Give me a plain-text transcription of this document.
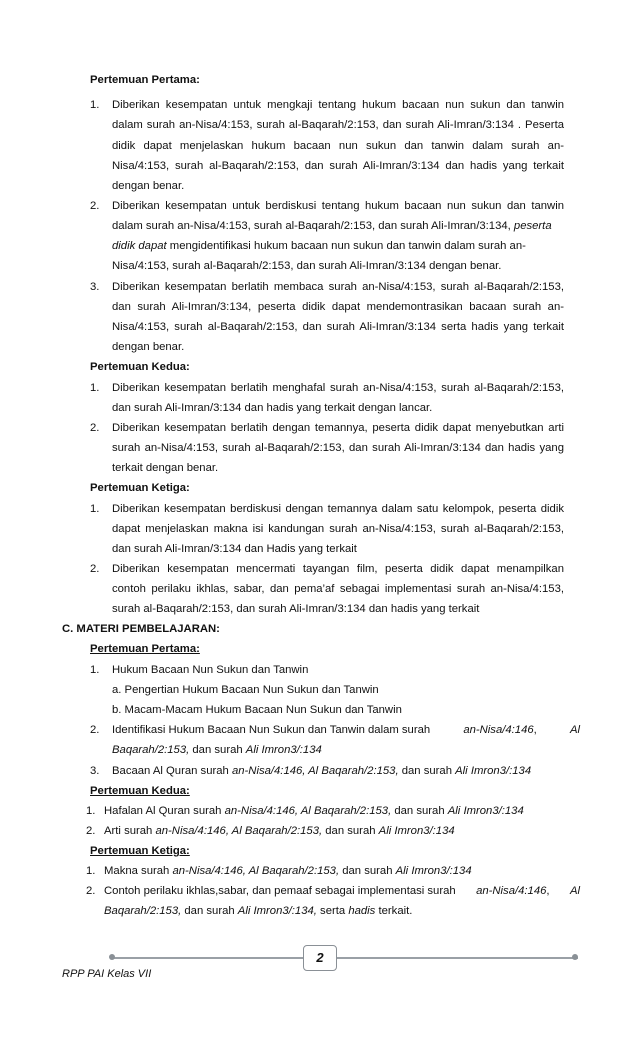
Pertemuan Pertama:
1. Diberikan kesempatan untuk mengkaji tentang hukum bacaan nun sukun dan tanwin
dalam surah an-Nisa/4:153, surah al-Baqarah/2:153, dan surah Ali-Imran/3:134 . Peserta
didik dapat menjelaskan hukum bacaan nun sukun dan tanwin dalam surah an-
Nisa/4:153, surah al-Baqarah/2:153, dan surah Ali-Imran/3:134 dan hadis yang terkait
dengan benar.
2. Diberikan kesempatan untuk berdiskusi tentang hukum bacaan nun sukun dan tanwin
dalam surah an-Nisa/4:153, surah al-Baqarah/2:153, dan surah Ali-Imran/3:134, peserta
didik dapat mengidentifikasi hukum bacaan nun sukun dan tanwin dalam surah an-
Nisa/4:153, surah al-Baqarah/2:153, dan surah Ali-Imran/3:134 dengan benar.
3. Diberikan kesempatan berlatih membaca surah an-Nisa/4:153, surah al-Baqarah/2:153,
dan surah Ali-Imran/3:134, peserta didik dapat mendemontrasikan bacaan surah an-
Nisa/4:153, surah al-Baqarah/2:153, dan surah Ali-Imran/3:134 serta hadis yang terkait
dengan benar.
Pertemuan Kedua:
1. Diberikan kesempatan berlatih menghafal surah an-Nisa/4:153, surah al-Baqarah/2:153,
dan surah Ali-Imran/3:134 dan hadis yang terkait dengan lancar.
2. Diberikan kesempatan berlatih dengan temannya, peserta didik dapat menyebutkan arti
surah an-Nisa/4:153, surah al-Baqarah/2:153, dan surah Ali-Imran/3:134 dan hadis yang
terkait dengan benar.
Pertemuan Ketiga:
1. Diberikan kesempatan berdiskusi dengan temannya dalam satu kelompok, peserta didik
dapat menjelaskan makna isi kandungan surah an-Nisa/4:153, surah al-Baqarah/2:153,
dan surah Ali-Imran/3:134 dan Hadis yang terkait
2. Diberikan kesempatan mencermati tayangan film, peserta didik dapat menampilkan
contoh perilaku ikhlas, sabar, dan pema’af sebagai implementasi surah an-Nisa/4:153,
surah al-Baqarah/2:153, dan surah Ali-Imran/3:134 dan hadis yang terkait
C. MATERI PEMBELAJARAN:
Pertemuan Pertama:
1. Hukum Bacaan Nun Sukun dan Tanwin
a. Pengertian Hukum Bacaan Nun Sukun dan Tanwin
b. Macam-Macam Hukum Bacaan Nun Sukun dan Tanwin
2. Identifikasi Hukum Bacaan Nun Sukun dan Tanwin dalam surah	an-Nisa/4:146,	Al
Baqarah/2:153, dan surah Ali Imron3/:134
3. Bacaan Al Quran surah an-Nisa/4:146, Al Baqarah/2:153, dan surah Ali Imron3/:134
Pertemuan Kedua:
1. Hafalan Al Quran surah an-Nisa/4:146, Al Baqarah/2:153, dan surah Ali Imron3/:134
2. Arti surah an-Nisa/4:146, Al Baqarah/2:153, dan surah Ali Imron3/:134
Pertemuan Ketiga:
1. Makna surah an-Nisa/4:146, Al Baqarah/2:153, dan surah Ali Imron3/:134
2. Contoh perilaku ikhlas,sabar, dan pemaaf sebagai implementasi surah an-Nisa/4:146, Al
Baqarah/2:153, dan surah Ali Imron3/:134, serta hadis terkait.
2
RPP PAI Kelas VII
